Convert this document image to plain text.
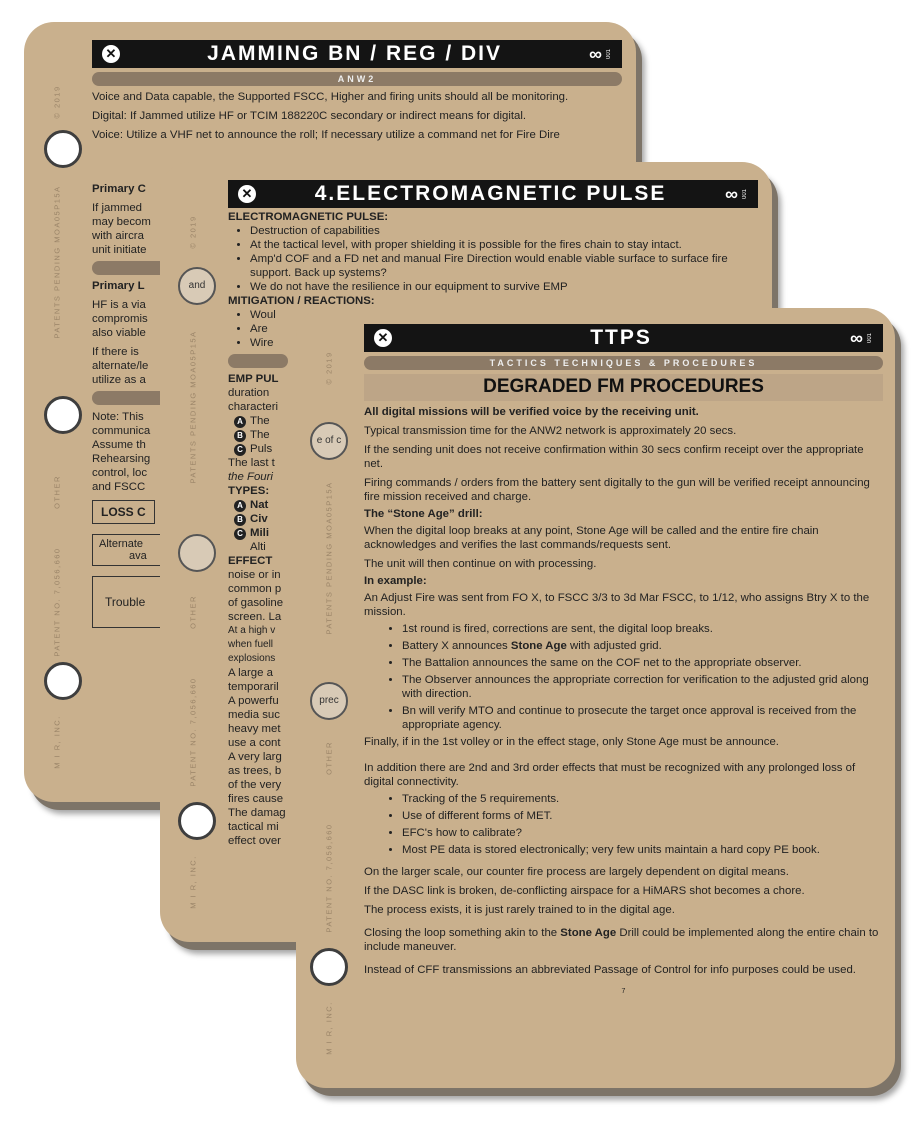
© 2019
PATENTS PENDING MOA05P15A
OTHER
PATENT NO. 7,056,660
M I R, INC.
✕	JAMMING BN / REG / DIV	∞ 001
ANW2

Voice and Data capable, the Supported FSCC, Higher and firing units should all be monitoring.

Digital: If Jammed utilize HF or TCIM 188220C secondary or indirect means for digital.

Voice: Utilize a VHF net to announce the roll; If necessary utilize a command net for Fire Dire

Primary C

If jammed

may becom

with aircra

unit initiate

Primary L

HF is a via

compromis

also viable

If there is

alternate/le

utilize as a

Note: This

communica

Assume th

Rehearsing

control, loc

and FSCC

LOSS C
Alternate
ava
Trouble
© 2019
PATENTS PENDING MOA05P15A
OTHER
PATENT NO. 7,056,660
M I R, INC.
and
✕	4.ELECTROMAGNETIC PULSE	∞ 001

ELECTROMAGNETIC PULSE:

• Destruction of capabilities
• At the tactical level, with proper shielding it is possible for the fires chain to stay intact.
• Amp'd COF and a FD net and manual Fire Direction would enable viable surface to surface fire support. Back up systems?
• We do not have the resilience in our equipment to survive EMP

MITIGATION / REACTIONS:

• Woul
• Are
• Wire

EMP PUL

duration

characteri

A The

B The

C Puls

The last t

the Fouri

TYPES:

A Nat

B Civ

C Mili

Alti

EFFECT

noise or in

common p

of gasoline

screen. La

At a high v

when fuell

explosions

A large a

temporaril

A powerfu

media suc

heavy met

use a cont

A very larg

as trees, b

of the very

fires cause

The damag

tactical mi

effect over

© 2019
PATENTS PENDING MOA05P15A
OTHER
PATENT NO. 7,056,660
M I R, INC.
e of c
prec
✕	TTPS	∞ 001
TACTICS TECHNIQUES & PROCEDURES
DEGRADED FM PROCEDURES

All digital missions will be verified voice by the receiving unit.

Typical transmission time for the ANW2 network is approximately 20 secs.

If the sending unit does not receive confirmation within 30 secs confirm receipt over the appropriate net.

Firing commands / orders from the battery sent digitally to the gun will be verified receipt announcing fire mission received and charge.

The “Stone Age” drill:

When the digital loop breaks at any point, Stone Age will be called and the entire fire chain acknowledges and verifies the last commands/requests sent.

The unit will then continue on with processing.

In example:

An Adjust Fire was sent from FO X, to FSCC 3/3 to 3d Mar FSCC, to 1/12, who assigns Btry X to the mission.

• 1st round is fired, corrections are sent, the digital loop breaks.
• Battery X announces Stone Age with adjusted grid.
• The Battalion announces the same on the COF net to the appropriate observer.
• The Observer announces the appropriate correction for verification to the adjusted grid along with direction.
• Bn will verify MTO and continue to prosecute the target once approval is received from the appropriate agency.

Finally, if in the 1st volley or in the effect stage, only Stone Age must be announce.

In addition there are 2nd and 3rd order effects that must be recognized with any prolonged loss of digital connectivity.

• Tracking of the 5 requirements.
• Use of different forms of MET.
• EFC's how to calibrate?
• Most PE data is stored electronically; very few units maintain a hard copy PE book.

On the larger scale, our counter fire process are largely dependent on digital means.

If the DASC link is broken, de-conflicting airspace for a HiMARS shot becomes a chore.

The process exists, it is just rarely trained to in the digital age.

Closing the loop something akin to the Stone Age Drill could be implemented along the entire chain to include maneuver.

Instead of CFF transmissions an abbreviated Passage of Control for info purposes could be used.

7
